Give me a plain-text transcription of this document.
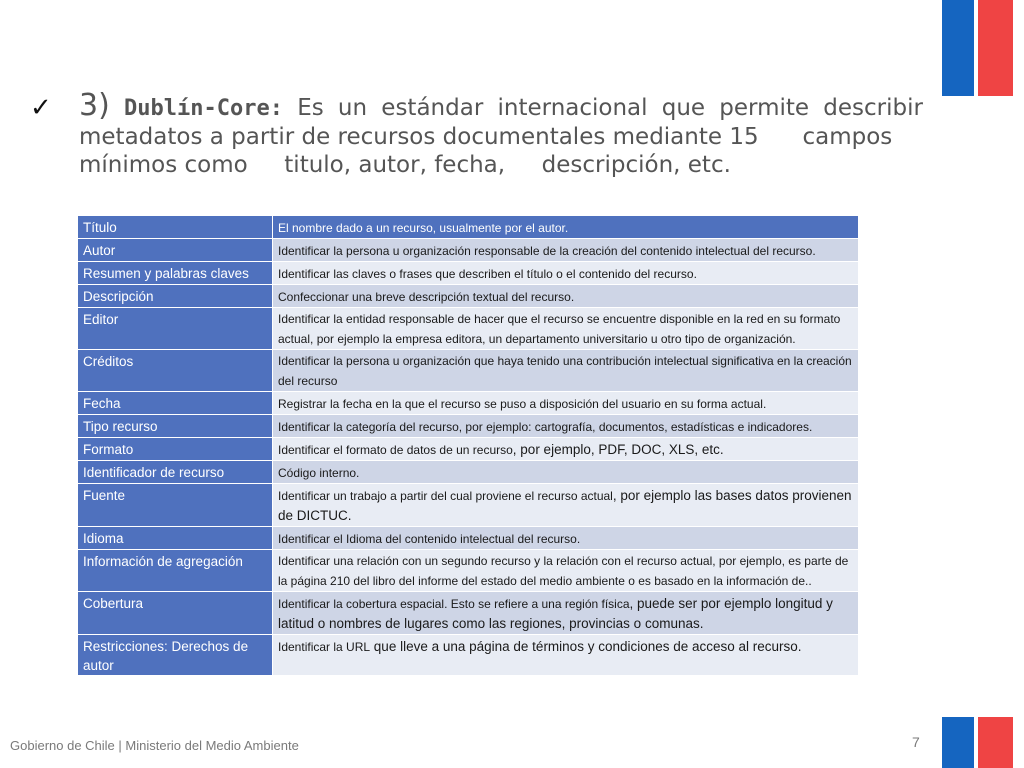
✓ 3) Dublín-Core: Es un estándar internacional que permite describir
metadatos a partir de recursos documentales mediante 15      campos
mínimos como     titulo, autor, fecha,     descripción, etc.
Título	El nombre dado a un recurso, usualmente por el autor.
Autor	Identificar la persona u organización responsable de la creación del contenido intelectual del recurso.
Resumen y palabras claves	Identificar las claves o frases que describen el título o el contenido del recurso.
Descripción	Confeccionar una breve descripción textual del recurso.
Editor	Identificar la entidad responsable de hacer que el recurso se encuentre disponible en la red en su formato actual, por ejemplo la empresa editora, un departamento universitario u otro tipo de organización.
Créditos	Identificar la persona u organización que haya tenido una contribución intelectual significativa en la creación del recurso
Fecha	Registrar la fecha en la que el recurso se puso a disposición del usuario en su forma actual.
Tipo recurso	Identificar la categoría del recurso, por ejemplo: cartografía, documentos, estadísticas e indicadores.
Formato	Identificar el formato de datos de un recurso, por ejemplo, PDF, DOC, XLS, etc.
Identificador de recurso	Código interno.
Fuente	Identificar un trabajo a partir del cual proviene el recurso actual, por ejemplo las bases datos provienen de DICTUC.
Idioma	Identificar el Idioma del contenido intelectual del recurso.
Información de agregación	Identificar una relación con un segundo recurso y la relación con el recurso actual, por ejemplo, es parte de la página 210 del libro del informe del estado del medio ambiente o es basado en la información de..
Cobertura	Identificar la cobertura espacial. Esto se refiere a una región física, puede ser por ejemplo longitud y latitud o nombres de lugares como las regiones, provincias o comunas.
Restricciones: Derechos de autor	Identificar la URL que lleve a una página de términos y condiciones de acceso al recurso.
Gobierno de Chile | Ministerio del Medio Ambiente	7
